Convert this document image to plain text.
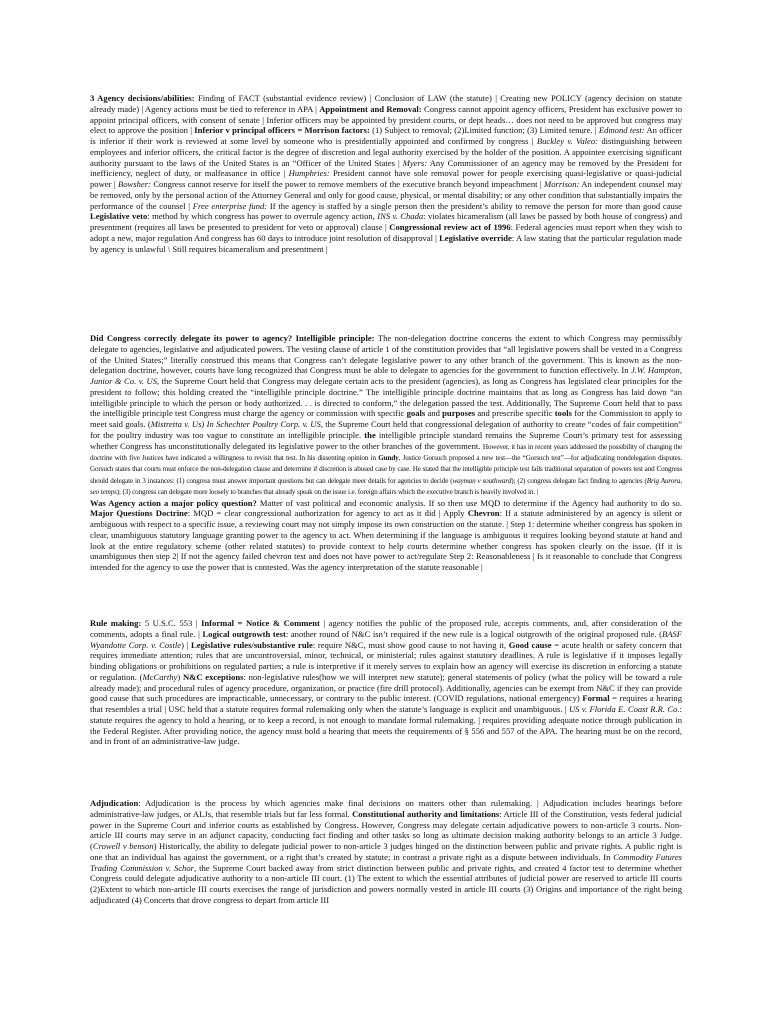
3 Agency decisions/abilities: Finding of FACT (substantial evidence review) | Conclusion of LAW (the statute) | Creating new POLICY (agency decision on statute already made) | Agency actions must be tied to reference in APA | Appointment and Removal: Congress cannot appoint agency officers, President has exclusive power to appoint principal officers, with consent of senate | Inferior officers may be appointed by president courts, or dept heads… does not need to be approved but congress may elect to approve the position | Inferior v principal officers = Morrison factors: (1) Subject to removal; (2)Limited function; (3) Limited tenure. | Edmond test: An officer is inferior if their work is reviewed at some level by someone who is presidentially appointed and confirmed by congress | Buckley v. Valeo: distinguishing between employees and inferior officers, the critical factor is the degree of discretion and legal authority exercised by the holder of the position. A appointee exercising significant authority pursuant to the laws of the United States is an “Officer of the United States | Myers: Any Commissioner of an agency may be removed by the President for inefficiency, neglect of duty, or malfeasance in office | Humphries: President cannot have sole removal power for people exercising quasi-legislative or quasi-judicial power | Bowsher: Congress cannot reserve for itself the power to remove members of the executive branch beyond impeachment | Morrison: An independent counsel may be removed, only by the personal action of the Attorney General and only for good cause, physical, or mental disability; or any other condition that substantially impairs the performance of the counsel | Free enterprise fund: If the agency is staffed by a single person then the president’s ability to remove the person for more than good cause Legislative veto: method by which congress has power to overrule agency action, INS v. Chada: violates bicameralism (all laws be passed by both house of congress) and presentment (requires all laws be presented to president for veto or approval) clause | Congressional review act of 1996: Federal agencies must report when they wish to adopt a new, major regulation And congress has 60 days to introduce joint resolution of disapproval | Legislative override: A law stating that the particular regulation made by agency is unlawful \ Still requires bicameralism and presentment |

Did Congress correctly delegate its power to agency? Intelligible principle: The non-delegation doctrine concerns the extent to which Congress may permissibly delegate to agencies, legislative and adjudicated powers. The vesting clause of article 1 of the constitution provides that “all legislative powers shall be vested in a Congress of the United States;” literally construed this means that Congress can’t delegate legislative power to any other branch of the government. This is known as the non-delegation doctrine, however, courts have long recognized that Congress must be able to delegate to agencies for the government to function effectively. In J.W. Hampton, Junior & Co. v. US, the Supreme Court held that Congress may delegate certain acts to the president (agencies), as long as Congress has legislated clear principles for the president to follow; this holding created the “intelligible principle doctrine.” The intelligible principle doctrine maintains that as long as Congress has laid down “an intelligible principle to which the person or body authorized. . . is directed to conform,” the delegation passed the test. Additionally, The Supreme Court held that to pass the intelligible principle test Congress must charge the agency or commission with specific goals and purposes and prescribe specific tools for the Commission to apply to meet said goals. (Mistretta v. Us) In Schechter Poultry Corp. v. US, the Supreme Court held that congressional delegation of authority to create “codes of fair competition” for the poultry industry was too vague to constitute an intelligible principle. the intelligible principle standard remains the Supreme Court’s primary test for assessing whether Congress has unconstitutionally delegated its legislative power to the other branches of the government. However, it has in recent years addressed the possibility of changing the doctrine with five Justices have indicated a willingness to revisit that test. In his dissenting opinion in Gundy, Justice Gorsuch proposed a new test—the “Gorsuch test”—for adjudicating nondelegation disputes. Gorsuch states that courts must enforce the non-delegation clause and determine if discretion is abused case by case. He stated that the intelligible principle test fails traditional separation of powers test and Congress should delegate in 3 instances: (1) congress must answer important questions but can delegate meer details for agencies to decide (wayman v southward); (2) congress delegate fact finding to agencies (Brig Aurora, seo temps); (3) congress can delegate more loosely to branches that already speak on the issue i.e. foreign affairs which the executive branch is heavily involved in. |
Was Agency action a major policy question? Matter of vast political and economic analysis. If so then use MQD to determine if the Agency had authority to do so. Major Questions Doctrine: MQD = clear congressional authorization for agency to act as it did | Apply Chevron: If a statute administered by an agency is silent or ambiguous with respect to a specific issue, a reviewing court may not simply impose its own construction on the statute. | Step 1: determine whether congress has spoken in clear, unambiguous statutory language granting power to the agency to act. When determining if the language is ambiguous it requires looking beyond statute at hand and look at the entire regulatory scheme (other related statutes) to provide context to help courts determine whether congress has spoken clearly on the issue. (If it is unambiguous then step 2| If not the agency failed chevron test and does not have power to act/regulate Step 2: Reasonableness | Is it reasonable to conclude that Congress intended for the agency to use the power that is contested. Was the agency interpretation of the statute reasonable |

Rule making: 5 U.S.C. 553 | Informal = Notice & Comment | agency notifies the public of the proposed rule, accepts comments, and, after consideration of the comments, adopts a final rule. | Logical outgrowth test: another round of N&C isn’t required if the new rule is a logical outgrowth of the original proposed rule. (BASF Wyandotte Corp. v. Costle) | Legislative rules/substantive rule: require N&C, must show good cause to not having it, Good cause = acute health or safety concern that requires immediate attention; rules that are uncontroversial, minor, technical, or ministerial; rules against statutory deadlines. A rule is legislative if it imposes legally binding obligations or prohibitions on regulated parties; a rule is interpretive if it merely serves to explain how an agency will exercise its discretion in enforcing a statute or regulation. (McCarthy) N&C exceptions: non-legislative rules(how we will interpret new statute); general statements of policy (what the policy will be toward a rule already made); and procedural rules of agency procedure, organization, or practice (fire drill protocol). Additionally, agencies can be exempt from N&C if they can provide good cause that such procedures are impracticable, unnecessary, or contrary to the public interest. (COVID regulations, national emergency) Formal = requires a hearing that resembles a trial | USC held that a statute requires formal rulemaking only when the statute’s language is explicit and unambiguous. | US v. Florida E. Coast R.R. Co.: statute requires the agency to hold a hearing, or to keep a record, is not enough to mandate formal rulemaking. | requires providing adequate notice through publication in the Federal Register. After providing notice, the agency must hold a hearing that meets the requirements of § 556 and 557 of the APA. The hearing must be on the record, and in front of an administrative-law judge.

Adjudication: Adjudication is the process by which agencies make final decisions on matters other than rulemaking. | Adjudication includes hearings before administrative-law judges, or ALJs, that resemble trials but far less formal. Constitutional authority and limitations: Article III of the Constitution, vests federal judicial power in the Supreme Court and inferior courts as established by Congress. However, Congress may delegate certain adjudicative powers to non-article 3 courts. Non-article III courts may serve in an adjunct capacity, conducting fact finding and other tasks so long as ultimate decision making authority belongs to an article 3 Judge. (Crowell v benson) Historically, the ability to delegate judicial power to non-article 3 judges hinged on the distinction between public and private rights. A public right is one that an individual has against the government, or a right that’s created by statute; in contrast a private right as a dispute between individuals. In Commodity Futures Trading Commission v. Schor, the Supreme Court backed away from strict distinction between public and private rights, and created 4 factor test to determine whether Congress could delegate adjudicative authority to a non-article III court. (1) The extent to which the essential attributes of judicial power are reserved to article III courts (2)Extent to which non-article III courts exercises the range of jurisdiction and powers normally vested in article III courts (3) Origins and importance of the right being adjudicated (4) Concerts that drove congress to depart from article III
